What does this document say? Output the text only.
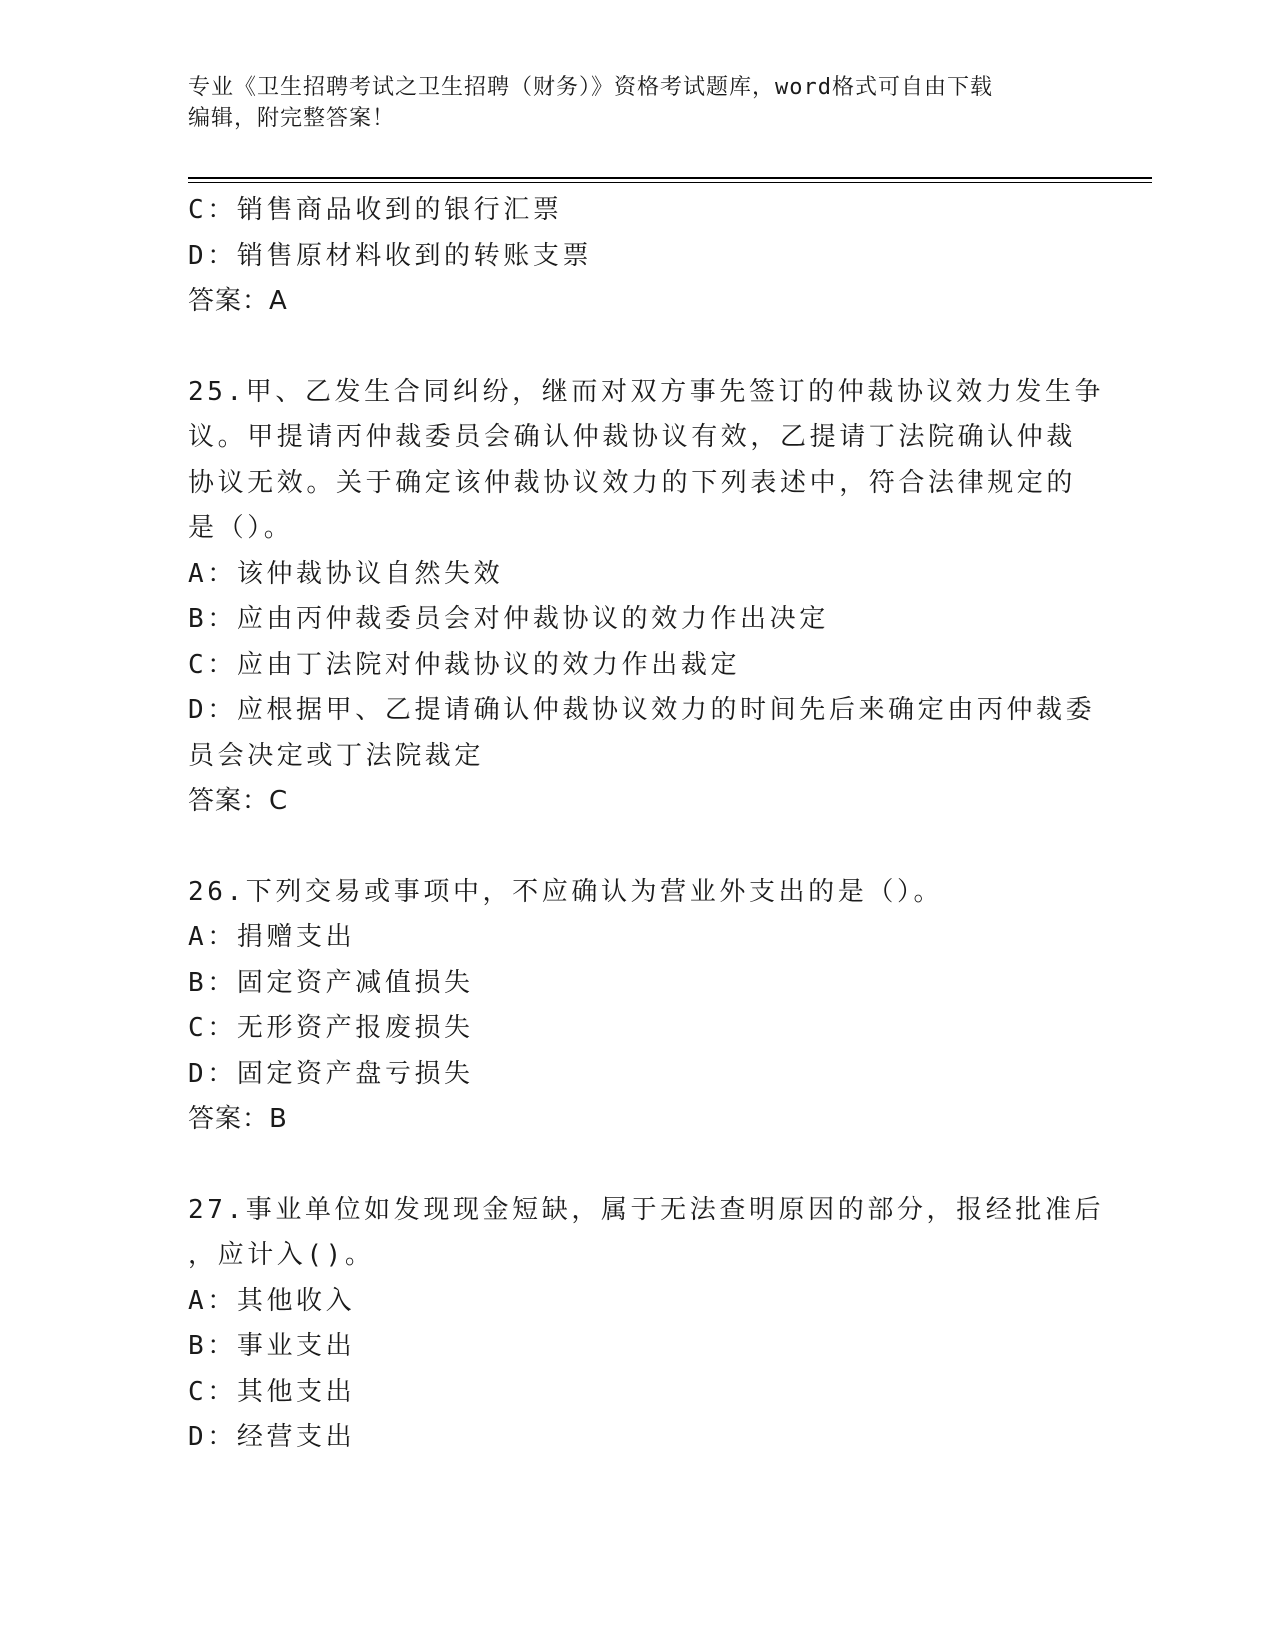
专业《卫生招聘考试之卫生招聘（财务）》资格考试题库，word格式可自由下载
编辑，附完整答案！
C：销售商品收到的银行汇票
D：销售原材料收到的转账支票
答案：A
25.甲、乙发生合同纠纷，继而对双方事先签订的仲裁协议效力发生争
议。甲提请丙仲裁委员会确认仲裁协议有效，乙提请丁法院确认仲裁
协议无效。关于确定该仲裁协议效力的下列表述中，符合法律规定的
是（）。
A：该仲裁协议自然失效
B：应由丙仲裁委员会对仲裁协议的效力作出决定
C：应由丁法院对仲裁协议的效力作出裁定
D：应根据甲、乙提请确认仲裁协议效力的时间先后来确定由丙仲裁委
员会决定或丁法院裁定
答案：C
26.下列交易或事项中，不应确认为营业外支出的是（）。
A：捐赠支出
B：固定资产减值损失
C：无形资产报废损失
D：固定资产盘亏损失
答案：B
27.事业单位如发现现金短缺，属于无法查明原因的部分，报经批准后
，应计入()。
A：其他收入
B：事业支出
C：其他支出
D：经营支出
